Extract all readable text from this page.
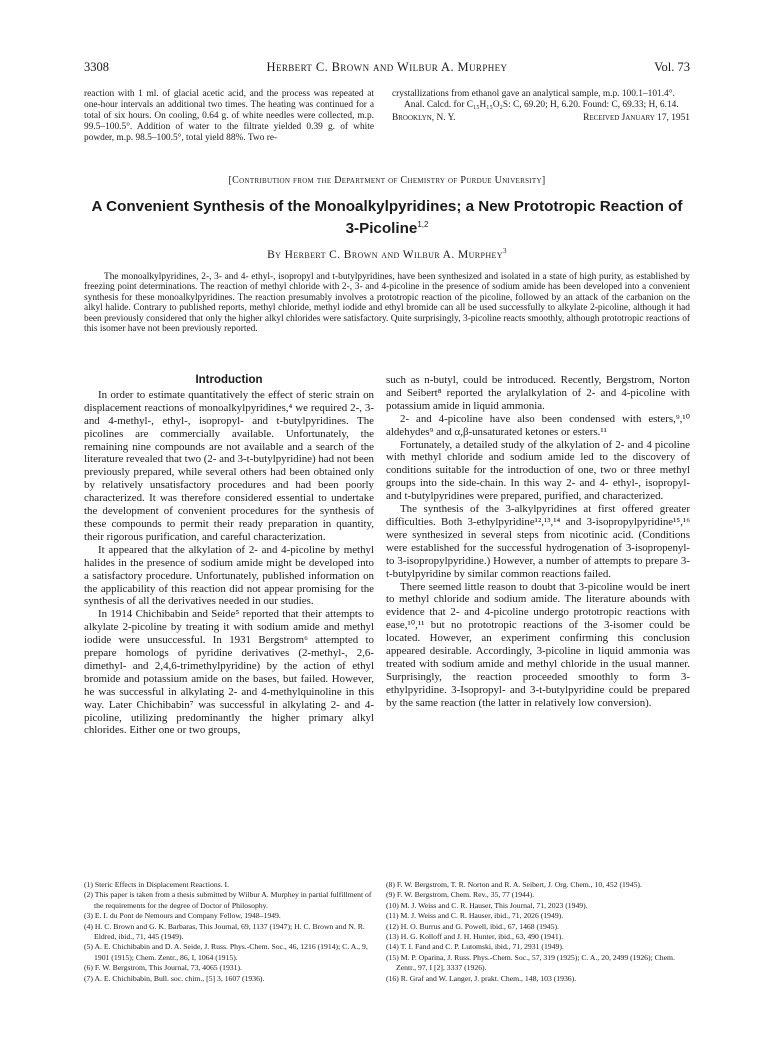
3308	Herbert C. Brown and Wilbur A. Murphey	Vol. 73
reaction with 1 ml. of glacial acetic acid, and the process was repeated at one-hour intervals an additional two times. The heating was continued for a total of six hours. On cooling, 0.64 g. of white needles were collected, m.p. 99.5–100.5°. Addition of water to the filtrate yielded 0.39 g. of white powder, m.p. 98.5–100.5°, total yield 88%. Two re-
crystallizations from ethanol gave an analytical sample, m.p. 100.1–101.4°.
Anal. Calcd. for C₁₅H₁₅O₂S: C, 69.20; H, 6.20. Found: C, 69.33; H, 6.14.
Brooklyn, N. Y.	Received January 17, 1951
[Contribution from the Department of Chemistry of Purdue University]
A Convenient Synthesis of the Monoalkylpyridines; a New Prototropic Reaction of
3-Picoline$^{1,2}$
By Herbert C. Brown and Wilbur A. Murphey$^3$
The monoalkylpyridines, 2-, 3- and 4- ethyl-, isopropyl and t-butylpyridines, have been synthesized and isolated in a state of high purity, as established by freezing point determinations. The reaction of methyl chloride with 2-, 3- and 4-picoline in the presence of sodium amide has been developed into a convenient synthesis for these monoalkylpyridines. The reaction presumably involves a prototropic reaction of the picoline, followed by an attack of the carbanion on the alkyl halide. Contrary to published reports, methyl chloride, methyl iodide and ethyl bromide can all be used successfully to alkylate 2-picoline, although it had been previously considered that only the higher alkyl chlorides were satisfactory. Quite surprisingly, 3-picoline reacts smoothly, although prototropic reactions of this isomer have not been previously reported.
Introduction

In order to estimate quantitatively the effect of steric strain on displacement reactions of monoalkylpyridines,⁴ we required 2-, 3- and 4-methyl-, ethyl-, isopropyl- and t-butylpyridines. The picolines are commercially available. Unfortunately, the remaining nine compounds are not available and a search of the literature revealed that two (2- and 3-t-butylpyridine) had not been previously prepared, while several others had been obtained only by relatively unsatisfactory procedures and had been poorly characterized. It was therefore considered essential to undertake the development of convenient procedures for the synthesis of these compounds to permit their ready preparation in quantity, their rigorous purification, and careful characterization.

It appeared that the alkylation of 2- and 4-picoline by methyl halides in the presence of sodium amide might be developed into a satisfactory procedure. Unfortunately, published information on the applicability of this reaction did not appear promising for the synthesis of all the derivatives needed in our studies.

In 1914 Chichibabin and Seide⁵ reported that their attempts to alkylate 2-picoline by treating it with sodium amide and methyl iodide were unsuccessful. In 1931 Bergstrom⁶ attempted to prepare homologs of pyridine derivatives (2-methyl-, 2,6-dimethyl- and 2,4,6-trimethylpyridine) by the action of ethyl bromide and potassium amide on the bases, but failed. However, he was successful in alkylating 2- and 4-methylquinoline in this way. Later Chichibabin⁷ was successful in alkylating 2- and 4-picoline, utilizing predominantly the higher primary alkyl chlorides. Either one or two groups,

such as n-butyl, could be introduced. Recently, Bergstrom, Norton and Seibert⁸ reported the arylalkylation of 2- and 4-picoline with potassium amide in liquid ammonia.

2- and 4-picoline have also been condensed with esters,⁹,¹⁰ aldehydes⁹ and α,β-unsaturated ketones or esters.¹¹

Fortunately, a detailed study of the alkylation of 2- and 4 picoline with methyl chloride and sodium amide led to the discovery of conditions suitable for the introduction of one, two or three methyl groups into the side-chain. In this way 2- and 4- ethyl-, isopropyl- and t-butylpyridines were prepared, purified, and characterized.

The synthesis of the 3-alkylpyridines at first offered greater difficulties. Both 3-ethylpyridine¹²,¹³,¹⁴ and 3-isopropylpyridine¹⁵,¹⁶ were synthesized in several steps from nicotinic acid. (Conditions were established for the successful hydrogenation of 3-isopropenyl- to 3-isopropylpyridine.) However, a number of attempts to prepare 3-t-butylpyridine by similar common reactions failed.

There seemed little reason to doubt that 3-picoline would be inert to methyl chloride and sodium amide. The literature abounds with evidence that 2- and 4-picoline undergo prototropic reactions with ease,¹⁰,¹¹ but no prototropic reactions of the 3-isomer could be located. However, an experiment confirming this conclusion appeared desirable. Accordingly, 3-picoline in liquid ammonia was treated with sodium amide and methyl chloride in the usual manner. Surprisingly, the reaction proceeded smoothly to form 3-ethylpyridine. 3-Isopropyl- and 3-t-butylpyridine could be prepared by the same reaction (the latter in relatively low conversion).

(1) Steric Effects in Displacement Reactions. I.

(2) This paper is taken from a thesis submitted by Wilbur A. Murphey in partial fulfillment of the requirements for the degree of Doctor of Philosophy.

(3) E. I. du Pont de Nemours and Company Fellow, 1948–1949.

(4) H. C. Brown and G. K. Barbaras, This Journal, 69, 1137 (1947); H. C. Brown and N. R. Eldred, ibid., 71, 445 (1949).

(5) A. E. Chichibabin and D. A. Seide, J. Russ. Phys.-Chem. Soc., 46, 1216 (1914); C. A., 9, 1901 (1915); Chem. Zentr., 86, I, 1064 (1915).

(6) F. W. Bergstrom, This Journal, 73, 4065 (1931).

(7) A. E. Chichibabin, Bull. soc. chim., [5] 3, 1607 (1936).

(8) F. W. Bergstrom, T. R. Norton and R. A. Seibert, J. Org. Chem., 10, 452 (1945).

(9) F. W. Bergstrom, Chem. Rev., 35, 77 (1944).

(10) M. J. Weiss and C. R. Hauser, This Journal, 71, 2023 (1949).

(11) M. J. Weiss and C. R. Hauser, ibid., 71, 2026 (1949).

(12) H. O. Burrus and G. Powell, ibid., 67, 1468 (1945).

(13) H. G. Kolloff and J. H. Hunter, ibid., 63, 490 (1941).

(14) T. I. Fand and C. P. Lutomski, ibid., 71, 2931 (1949).

(15) M. P. Oparina, J. Russ. Phys.-Chem. Soc., 57, 319 (1925); C. A., 20, 2499 (1926); Chem. Zentr., 97, I [2], 3337 (1926).

(16) R. Graf and W. Langer, J. prakt. Chem., 148, 103 (1936).
